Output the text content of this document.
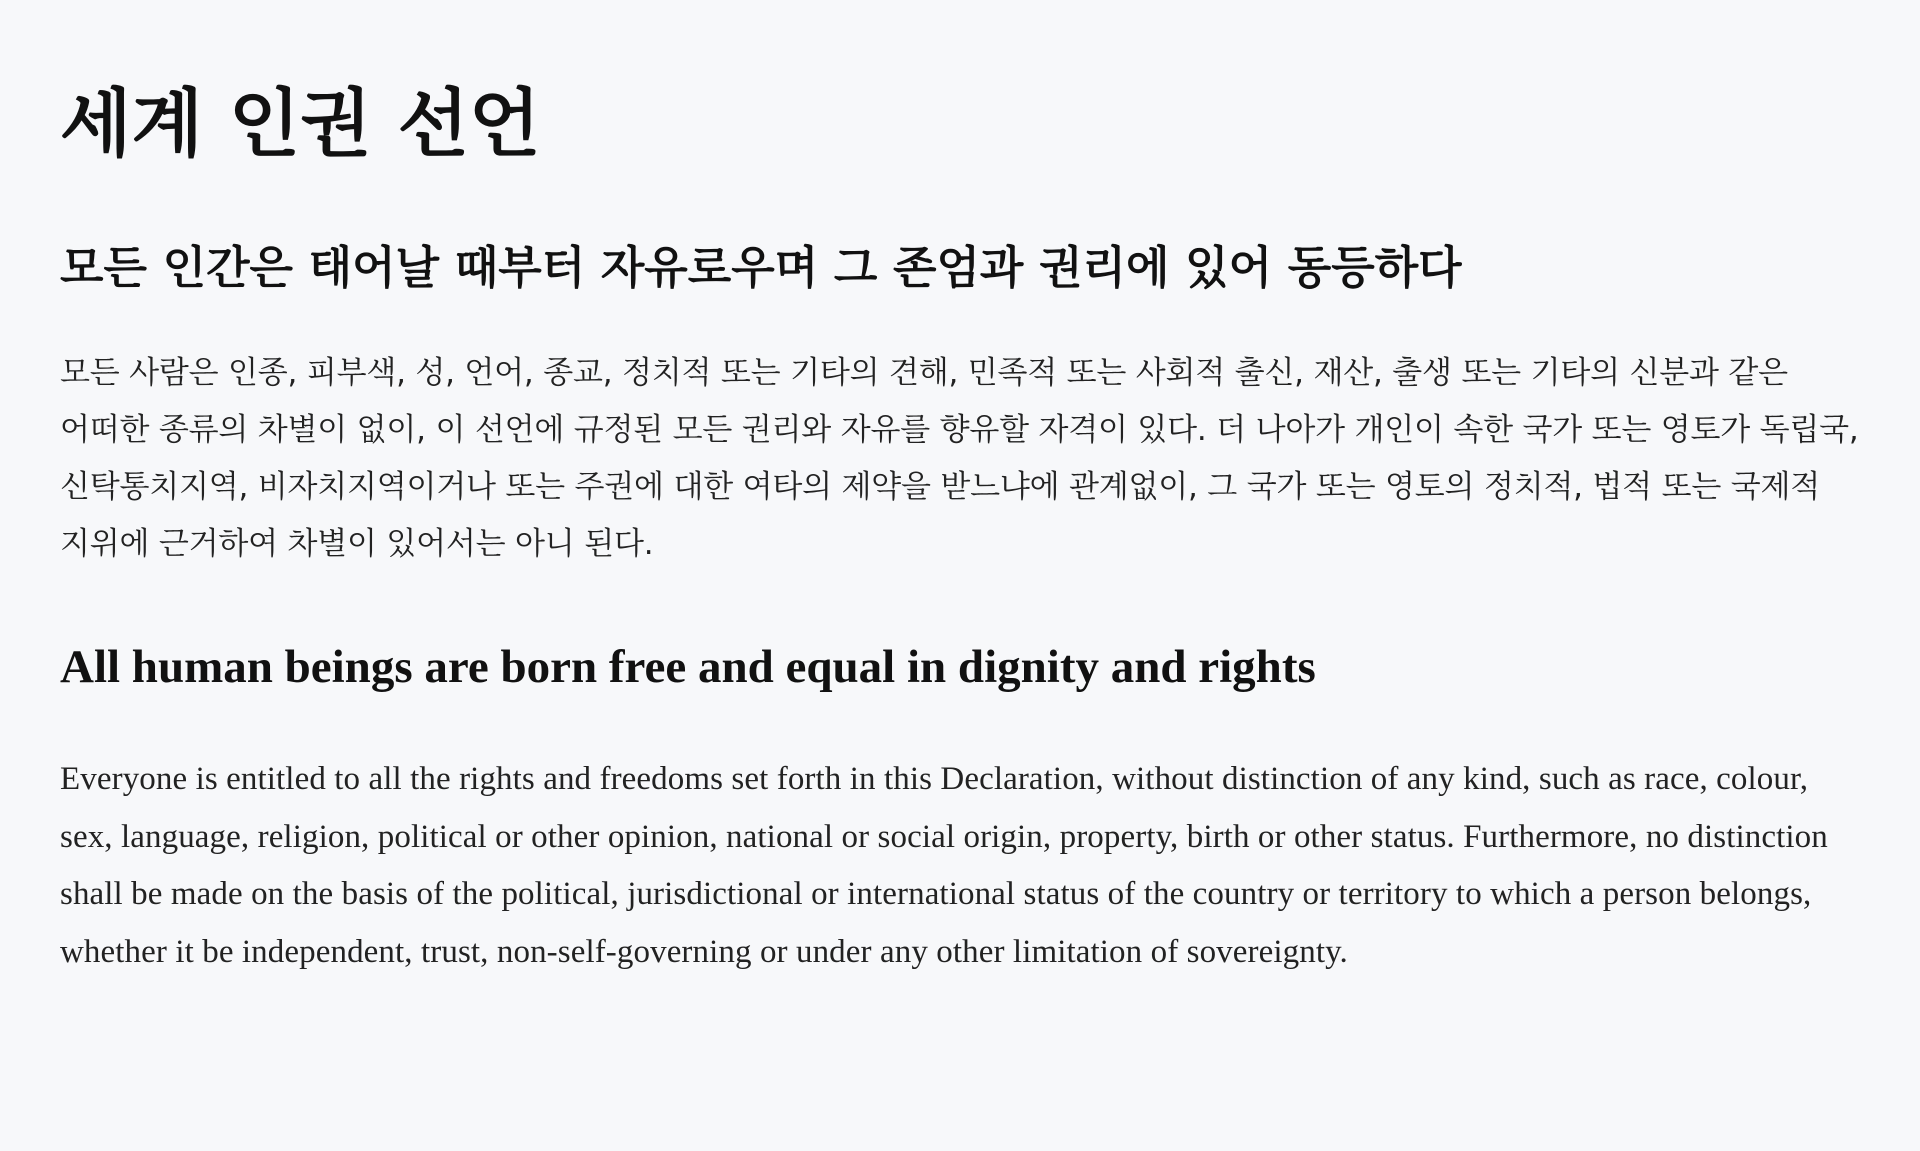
세계 인권 선언
모든 인간은 태어날 때부터 자유로우며 그 존엄과 권리에 있어 동등하다

모든 사람은 인종, 피부색, 성, 언어, 종교, 정치적 또는 기타의 견해, 민족적 또는 사회적 출신, 재산, 출생 또는 기타의 신분과 같은 어떠한 종류의 차별이 없이, 이 선언에 규정된 모든 권리와 자유를 향유할 자격이 있다. 더 나아가 개인이 속한 국가 또는 영토가 독립국, 신탁통치지역, 비자치지역이거나 또는 주권에 대한 여타의 제약을 받느냐에 관계없이, 그 국가 또는 영토의 정치적, 법적 또는 국제적 지위에 근거하여 차별이 있어서는 아니 된다.

All human beings are born free and equal in dignity and rights

Everyone is entitled to all the rights and freedoms set forth in this Declaration, without distinction of any kind, such as race, colour, sex, language, religion, political or other opinion, national or social origin, property, birth or other status. Furthermore, no distinction shall be made on the basis of the political, jurisdictional or international status of the country or territory to which a person belongs, whether it be independent, trust, non-self-governing or under any other limitation of sovereignty.
